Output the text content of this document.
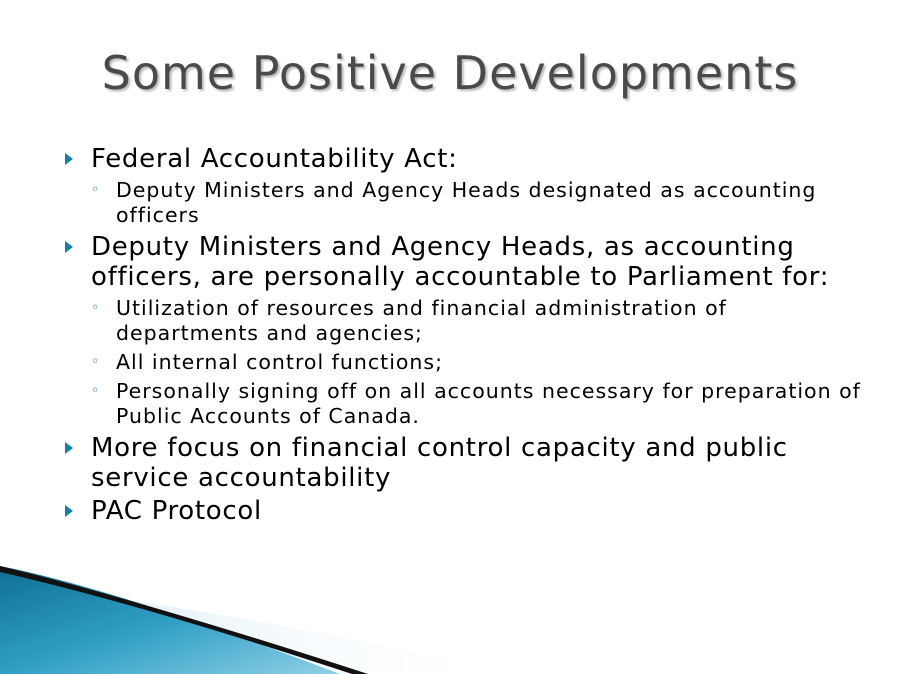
Some Positive Developments
Federal Accountability Act:
◦ Deputy Ministers and Agency Heads designated as accounting officers
Deputy Ministers and Agency Heads, as accounting officers, are personally accountable to Parliament for:
◦ Utilization of resources and financial administration of departments and agencies;
◦ All internal control functions;
◦ Personally signing off on all accounts necessary for preparation of Public Accounts of Canada.
More focus on financial control capacity and public service accountability
PAC Protocol
